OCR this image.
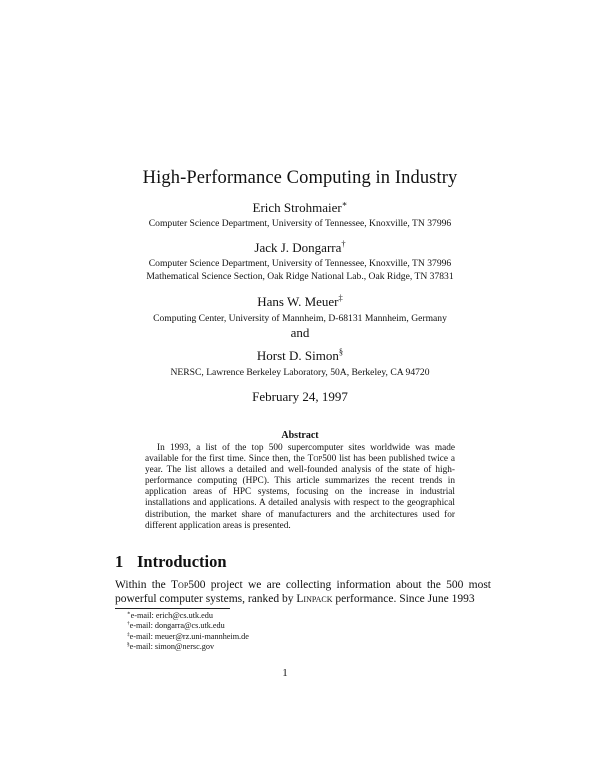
High-Performance Computing in Industry
Erich Strohmaier∗
Computer Science Department, University of Tennessee, Knoxville, TN 37996
Jack J. Dongarra†
Computer Science Department, University of Tennessee, Knoxville, TN 37996
Mathematical Science Section, Oak Ridge National Lab., Oak Ridge, TN 37831
Hans W. Meuer‡
Computing Center, University of Mannheim, D-68131 Mannheim, Germany
and
Horst D. Simon§
NERSC, Lawrence Berkeley Laboratory, 50A, Berkeley, CA 94720
February 24, 1997
Abstract

In 1993, a list of the top 500 supercomputer sites worldwide was made available for the first time. Since then, the Top500 list has been published twice a year. The list allows a detailed and well-founded analysis of the state of high-performance computing (HPC). This article summarizes the recent trends in application areas of HPC systems, focusing on the increase in industrial installations and applications. A detailed analysis with respect to the geographical distribution, the market share of manufacturers and the architectures used for different application areas is presented.

1 Introduction

Within the Top500 project we are collecting information about the 500 most powerful computer systems, ranked by Linpack performance. Since June 1993

∗e-mail: erich@cs.utk.edu
†e-mail: dongarra@cs.utk.edu
‡e-mail: meuer@rz.uni-mannheim.de
§e-mail: simon@nersc.gov
1
